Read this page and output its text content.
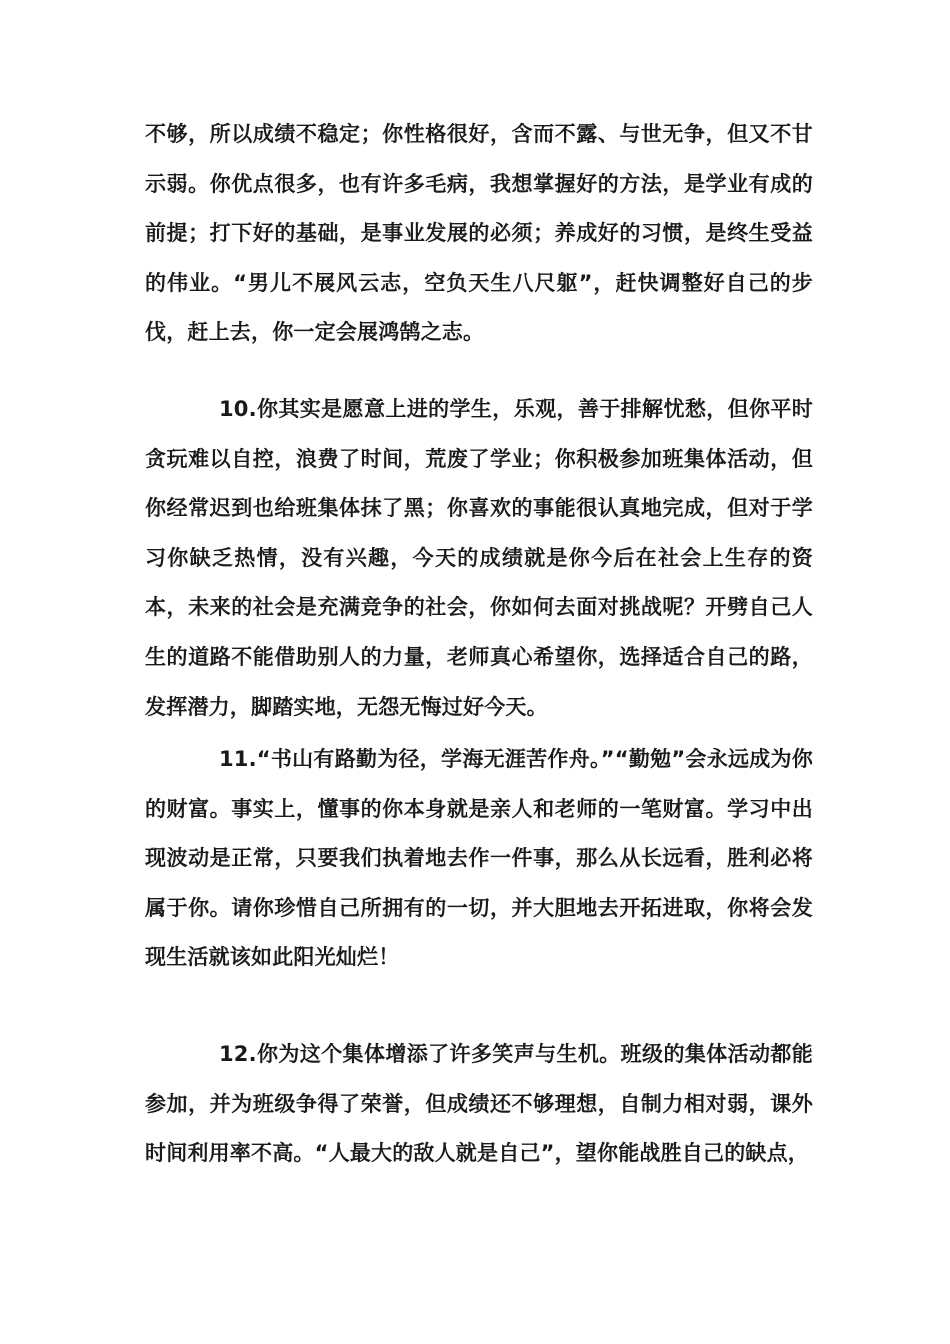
不够，所以成绩不稳定；你性格很好，含而不露、与世无争，但又不甘示弱。你优点很多，也有许多毛病，我想掌握好的方法，是学业有成的前提；打下好的基础，是事业发展的必须；养成好的习惯，是终生受益的伟业。“男儿不展风云志，空负天生八尺躯”，赶快调整好自己的步伐，赶上去，你一定会展鸿鹄之志。

10.你其实是愿意上进的学生，乐观，善于排解忧愁，但你平时贪玩难以自控，浪费了时间，荒废了学业；你积极参加班集体活动，但你经常迟到也给班集体抹了黑；你喜欢的事能很认真地完成，但对于学习你缺乏热情，没有兴趣，今天的成绩就是你今后在社会上生存的资本，未来的社会是充满竞争的社会，你如何去面对挑战呢？开劈自己人生的道路不能借助别人的力量，老师真心希望你，选择适合自己的路，发挥潜力，脚踏实地，无怨无悔过好今天。

11.“书山有路勤为径，学海无涯苦作舟。”“勤勉”会永远成为你的财富。事实上，懂事的你本身就是亲人和老师的一笔财富。学习中出现波动是正常，只要我们执着地去作一件事，那么从长远看，胜利必将属于你。请你珍惜自己所拥有的一切，并大胆地去开拓进取，你将会发现生活就该如此阳光灿烂！

12.你为这个集体增添了许多笑声与生机。班级的集体活动都能参加，并为班级争得了荣誉，但成绩还不够理想，自制力相对弱，课外时间利用率不高。“人最大的敌人就是自己”，望你能战胜自己的缺点，
